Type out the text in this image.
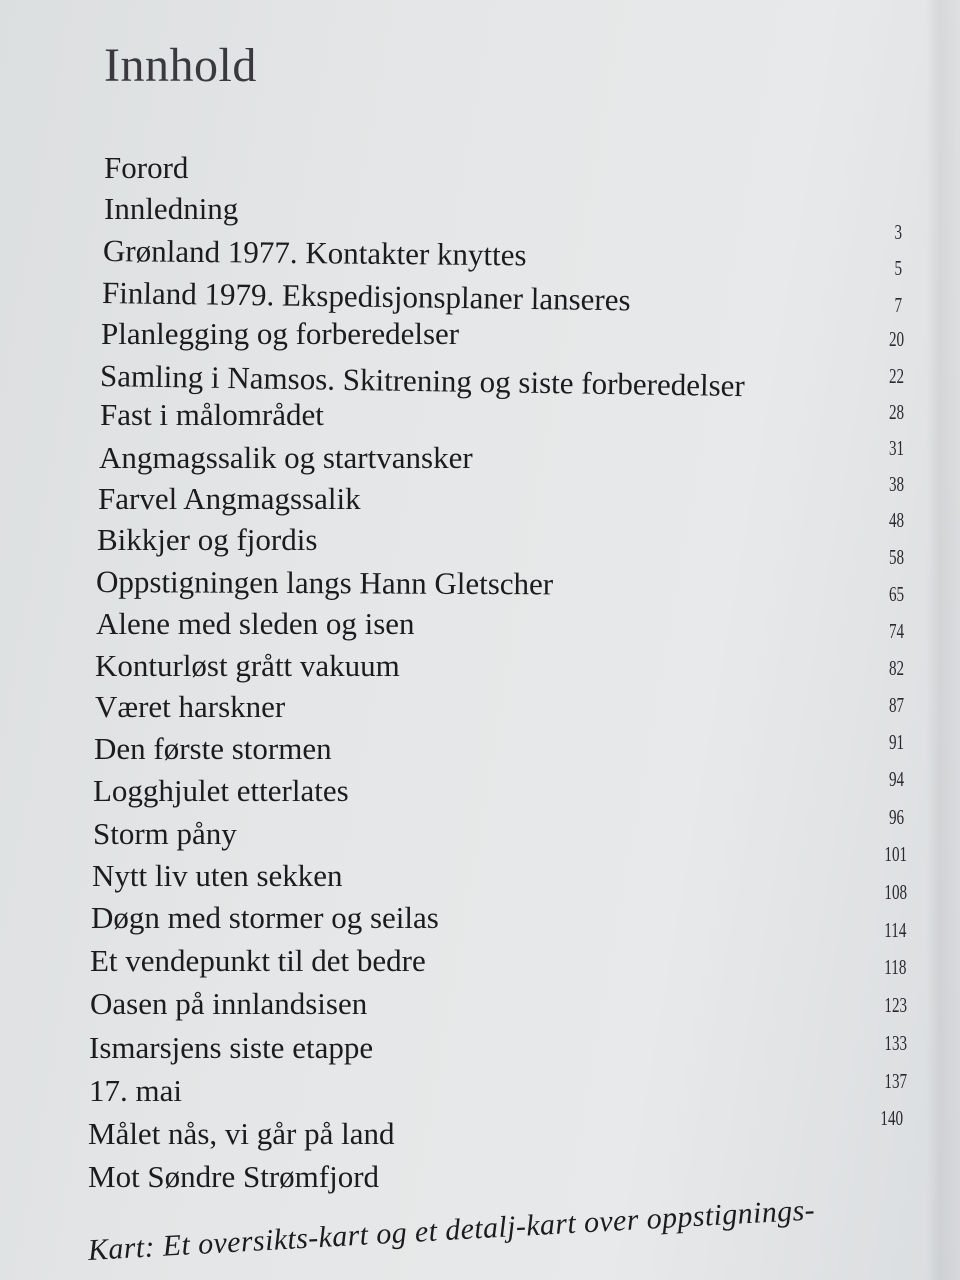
Innhold
Forord
Innledning
Grønland 1977. Kontakter knyttes
Finland 1979. Ekspedisjonsplaner lanseres
Planlegging og forberedelser
Samling i Namsos. Skitrening og siste forberedelser
Fast i målområdet
Angmagssalik og startvansker
Farvel Angmagssalik
Bikkjer og fjordis
Oppstigningen langs Hann Gletscher
Alene med sleden og isen
Konturløst grått vakuum
Været harskner
Den første stormen
Logghjulet etterlates
Storm påny
Nytt liv uten sekken
Døgn med stormer og seilas
Et vendepunkt til det bedre
Oasen på innlandsisen
Ismarsjens siste etappe
17. mai
Målet nås, vi går på land
Mot Søndre Strømfjord
3
5
7
20
22
28
31
38
48
58
65
74
82
87
91
94
96
101
108
114
118
123
133
137
140
Kart: Et oversikts-kart og et detalj-kart over oppstignings-
